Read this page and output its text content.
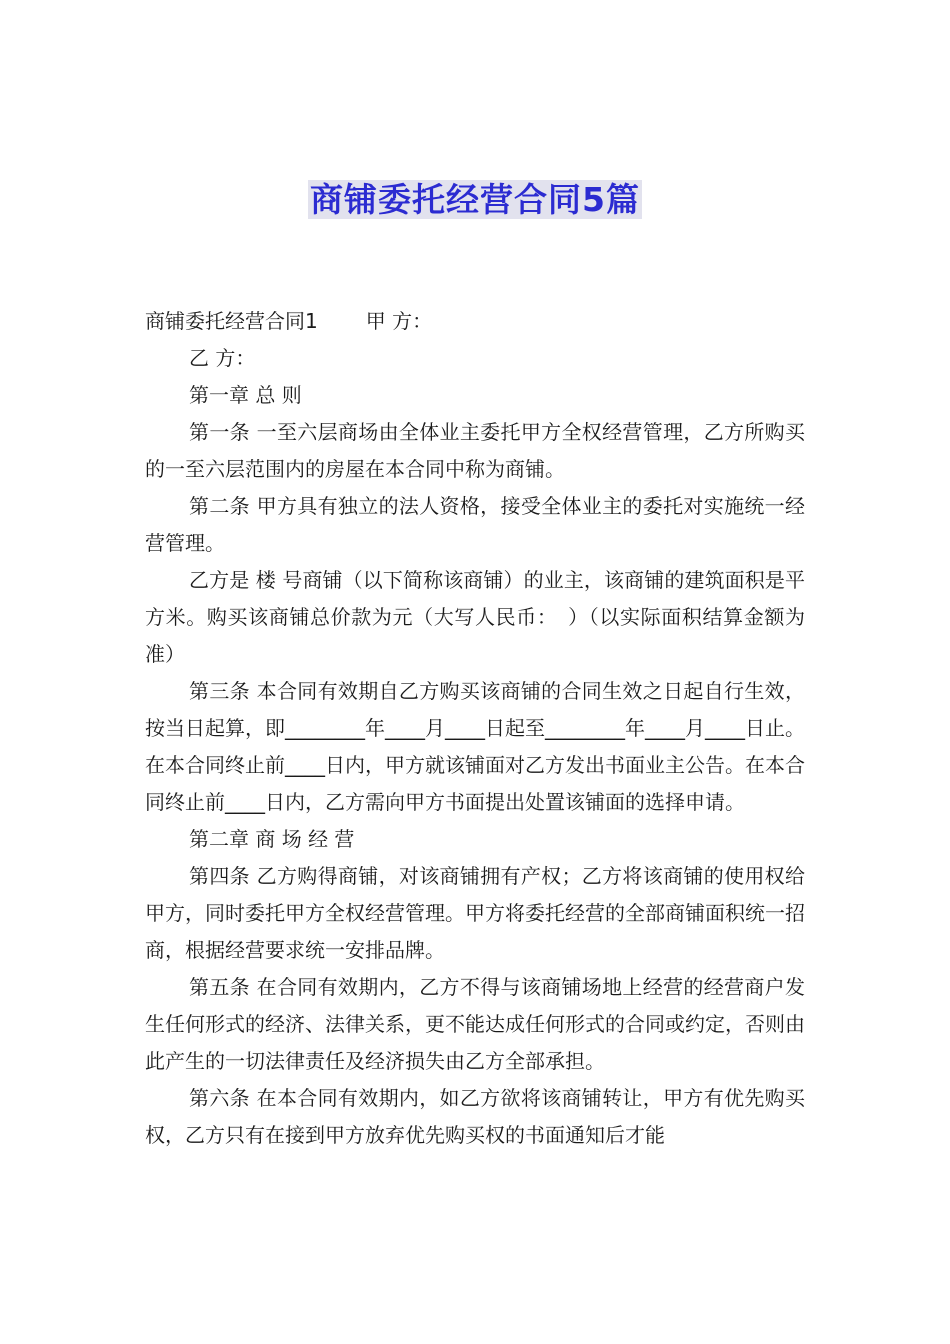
商铺委托经营合同5篇

商铺委托经营合同1 甲 方：

乙 方：

第一章 总 则

第一条 一至六层商场由全体业主委托甲方全权经营管理，乙方所购买的一至六层范围内的房屋在本合同中称为商铺。

第二条 甲方具有独立的法人资格，接受全体业主的委托对实施统一经营管理。

乙方是 楼 号商铺（以下简称该商铺）的业主，该商铺的建筑面积是平方米。购买该商铺总价款为元（大写人民币：　）（以实际面积结算金额为准）

第三条 本合同有效期自乙方购买该商铺的合同生效之日起自行生效，按当日起算，即________年____月____日起至________年____月____日止。在本合同终止前____日内，甲方就该铺面对乙方发出书面业主公告。在本合同终止前____日内，乙方需向甲方书面提出处置该铺面的选择申请。

第二章 商 场 经 营

第四条 乙方购得商铺，对该商铺拥有产权；乙方将该商铺的使用权给甲方，同时委托甲方全权经营管理。甲方将委托经营的全部商铺面积统一招商，根据经营要求统一安排品牌。

第五条 在合同有效期内，乙方不得与该商铺场地上经营的经营商户发生任何形式的经济、法律关系，更不能达成任何形式的合同或约定，否则由此产生的一切法律责任及经济损失由乙方全部承担。

第六条 在本合同有效期内，如乙方欲将该商铺转让，甲方有优先购买权，乙方只有在接到甲方放弃优先购买权的书面通知后才能
